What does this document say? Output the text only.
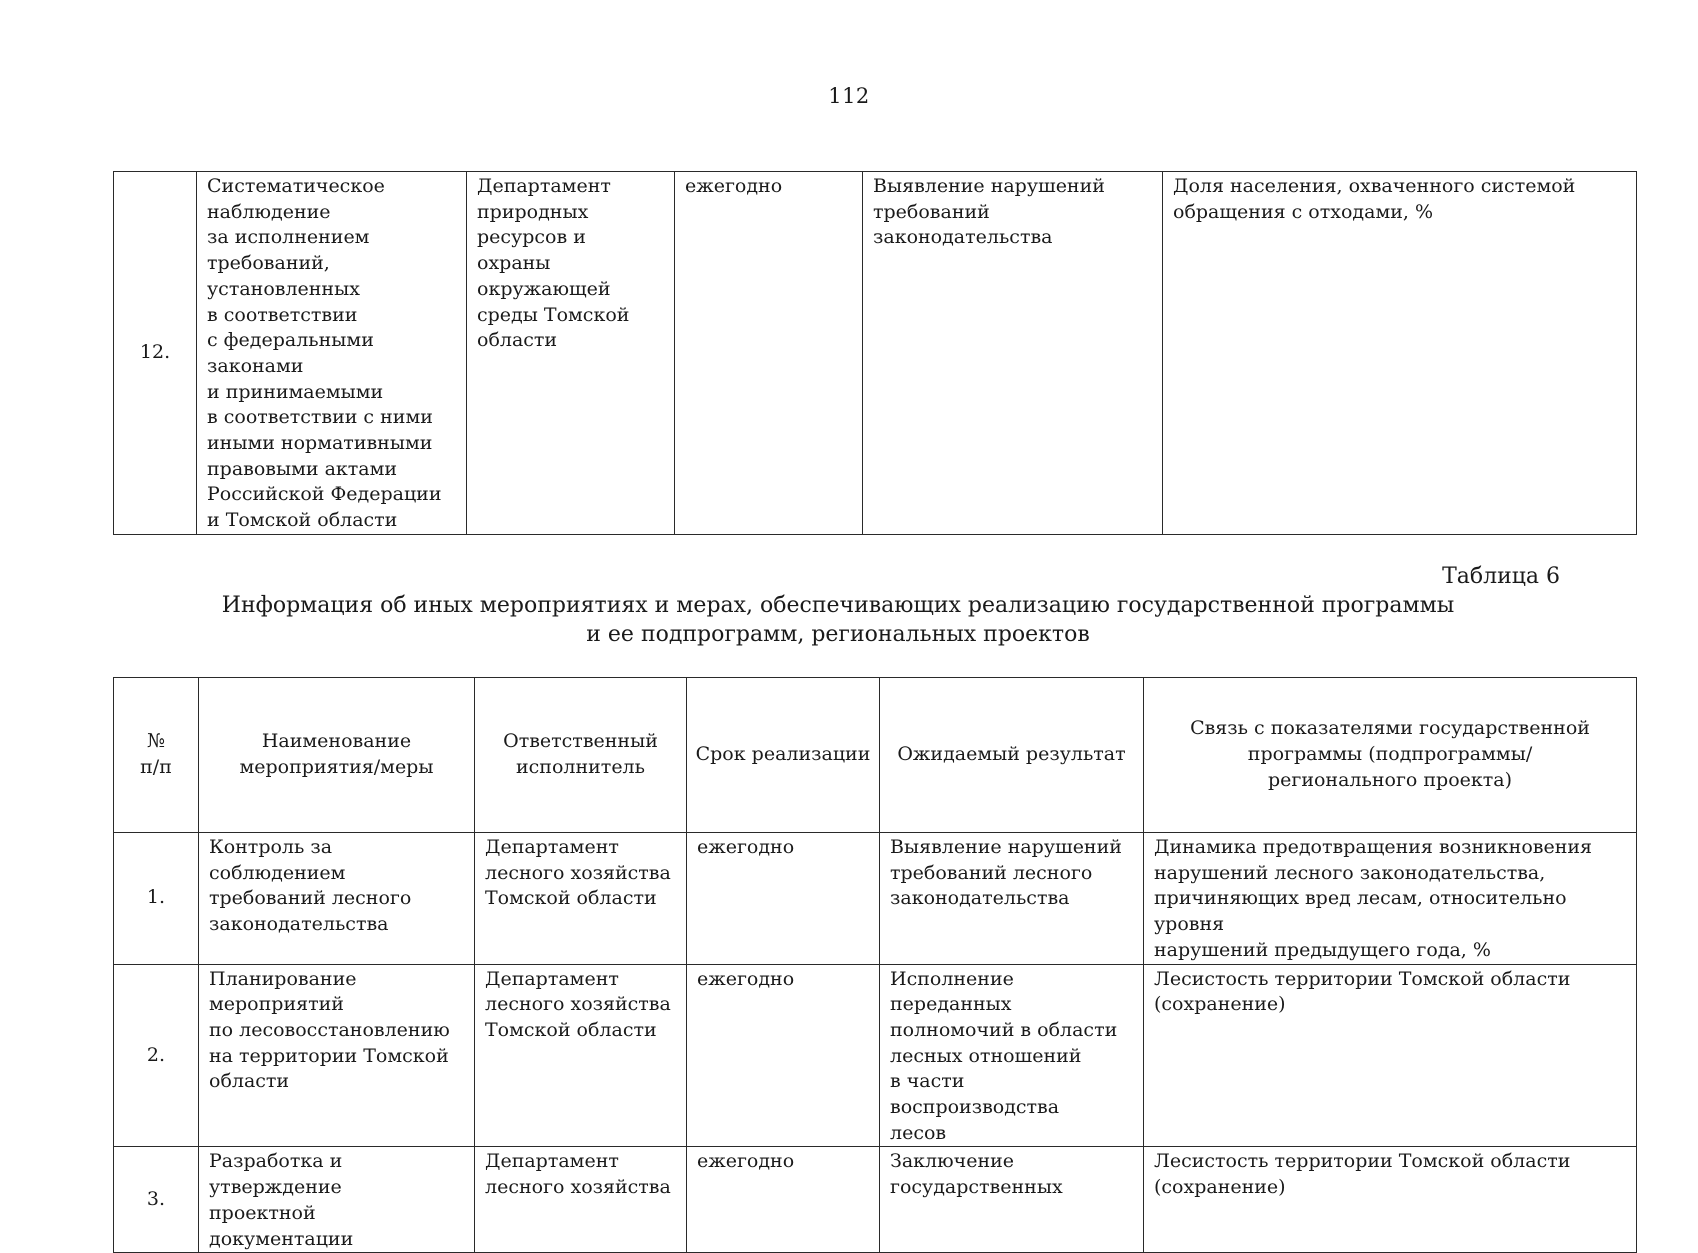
112
12.	Систематическое
наблюдение
за исполнением
требований,
установленных
в соответствии
с федеральными
законами
и принимаемыми
в соответствии с ними
иными нормативными
правовыми актами
Российской Федерации
и Томской области	Департамент
природных
ресурсов и охраны
окружающей
среды Томской
области	ежегодно	Выявление нарушений
требований
законодательства	Доля населения, охваченного системой
обращения с отходами, %
Таблица 6
Информация об иных мероприятиях и мерах, обеспечивающих реализацию государственной программы
и ее подпрограмм, региональных проектов
№
п/п	Наименование
мероприятия/меры	Ответственный
исполнитель	Срок реализации	Ожидаемый результат	Связь с показателями государственной
программы (подпрограммы/
регионального проекта)
1.	Контроль за соблюдением
требований лесного
законодательства	Департамент
лесного хозяйства
Томской области	ежегодно	Выявление нарушений
требований лесного
законодательства	Динамика предотвращения возникновения
нарушений лесного законодательства,
причиняющих вред лесам, относительно уровня
нарушений предыдущего года, %
2.	Планирование
мероприятий
по лесовосстановлению
на территории Томской
области	Департамент
лесного хозяйства
Томской области	ежегодно	Исполнение переданных
полномочий в области
лесных отношений
в части воспроизводства
лесов	Лесистость территории Томской области
(сохранение)
3.	Разработка и утверждение
проектной документации	Департамент
лесного хозяйства	ежегодно	Заключение
государственных	Лесистость территории Томской области
(сохранение)
